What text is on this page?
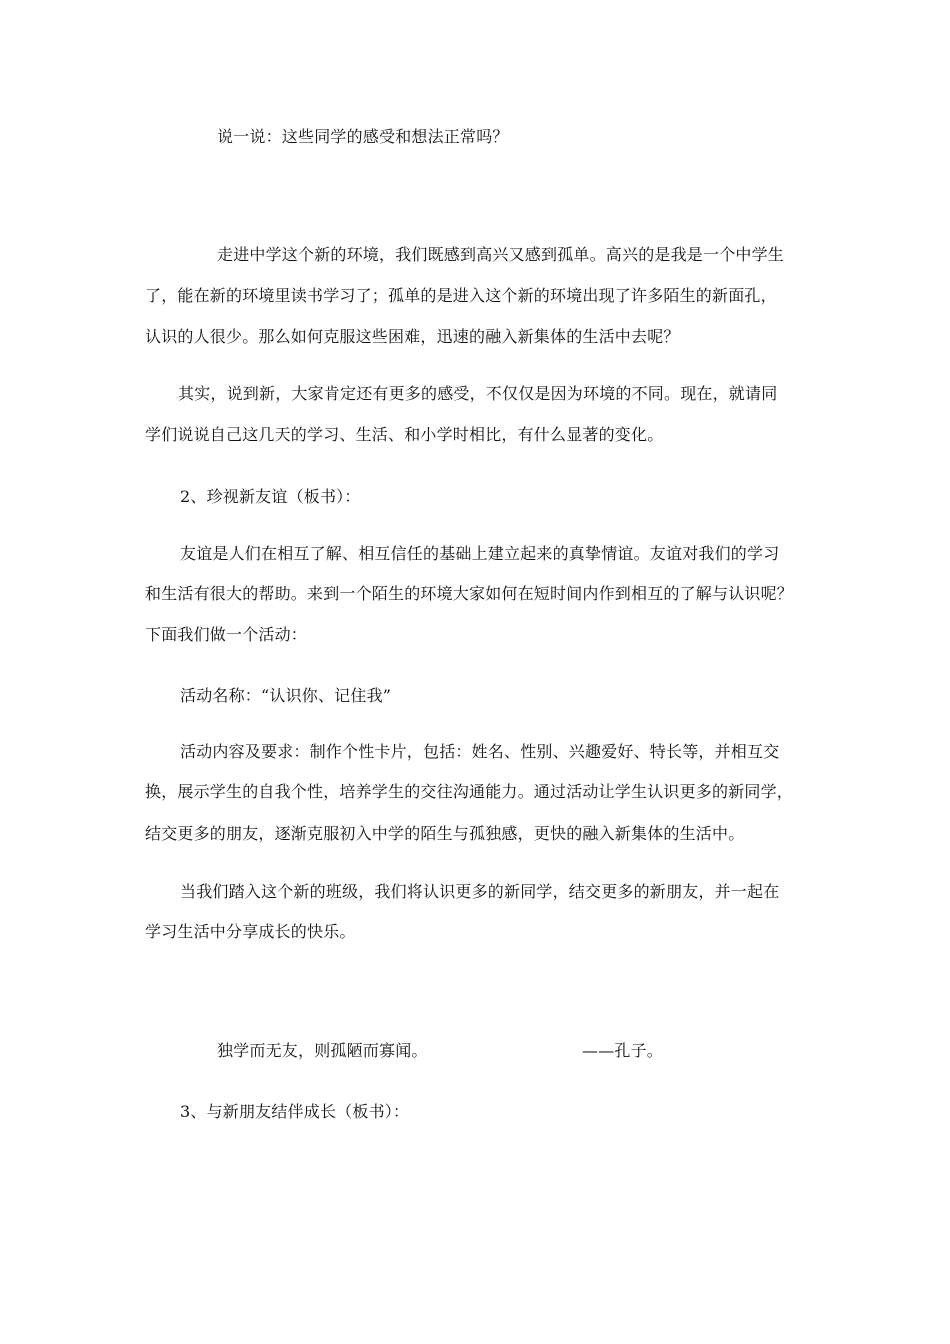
说一说：这些同学的感受和想法正常吗？
走进中学这个新的环境，我们既感到高兴又感到孤单。高兴的是我是一个中学生
了，能在新的环境里读书学习了；孤单的是进入这个新的环境出现了许多陌生的新面孔，
认识的人很少。那么如何克服这些困难，迅速的融入新集体的生活中去呢？
其实，说到新，大家肯定还有更多的感受，不仅仅是因为环境的不同。现在，就请同
学们说说自己这几天的学习、生活、和小学时相比，有什么显著的变化。
2、珍视新友谊（板书）：
友谊是人们在相互了解、相互信任的基础上建立起来的真挚情谊。友谊对我们的学习
和生活有很大的帮助。来到一个陌生的环境大家如何在短时间内作到相互的了解与认识呢？
下面我们做一个活动：
活动名称：“认识你、记住我”
活动内容及要求：制作个性卡片，包括：姓名、性别、兴趣爱好、特长等，并相互交
换，展示学生的自我个性，培养学生的交往沟通能力。通过活动让学生认识更多的新同学，
结交更多的朋友，逐渐克服初入中学的陌生与孤独感，更快的融入新集体的生活中。
当我们踏入这个新的班级，我们将认识更多的新同学，结交更多的新朋友，并一起在
学习生活中分享成长的快乐。
独学而无友，则孤陋而寡闻。	——孔子。
3、与新朋友结伴成长（板书）：
